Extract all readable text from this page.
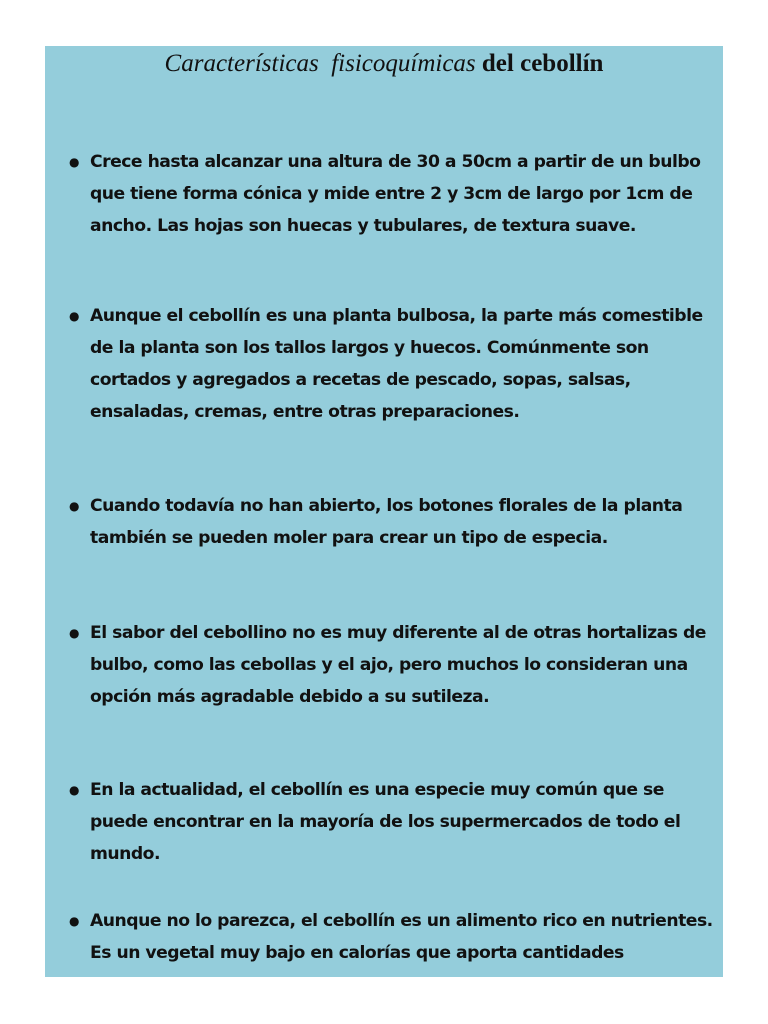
Características fisicoquímicas del cebollín
● Crece hasta alcanzar una altura de 30 a 50cm a partir de un bulbo
que tiene forma cónica y mide entre 2 y 3cm de largo por 1cm de
ancho. Las hojas son huecas y tubulares, de textura suave.
● Aunque el cebollín es una planta bulbosa, la parte más comestible
de la planta son los tallos largos y huecos. Comúnmente son
cortados y agregados a recetas de pescado, sopas, salsas,
ensaladas, cremas, entre otras preparaciones.
● Cuando todavía no han abierto, los botones florales de la planta
también se pueden moler para crear un tipo de especia.
● El sabor del cebollino no es muy diferente al de otras hortalizas de
bulbo, como las cebollas y el ajo, pero muchos lo consideran una
opción más agradable debido a su sutileza.
● En la actualidad, el cebollín es una especie muy común que se
puede encontrar en la mayoría de los supermercados de todo el
mundo.
● Aunque no lo parezca, el cebollín es un alimento rico en nutrientes.
Es un vegetal muy bajo en calorías que aporta cantidades
